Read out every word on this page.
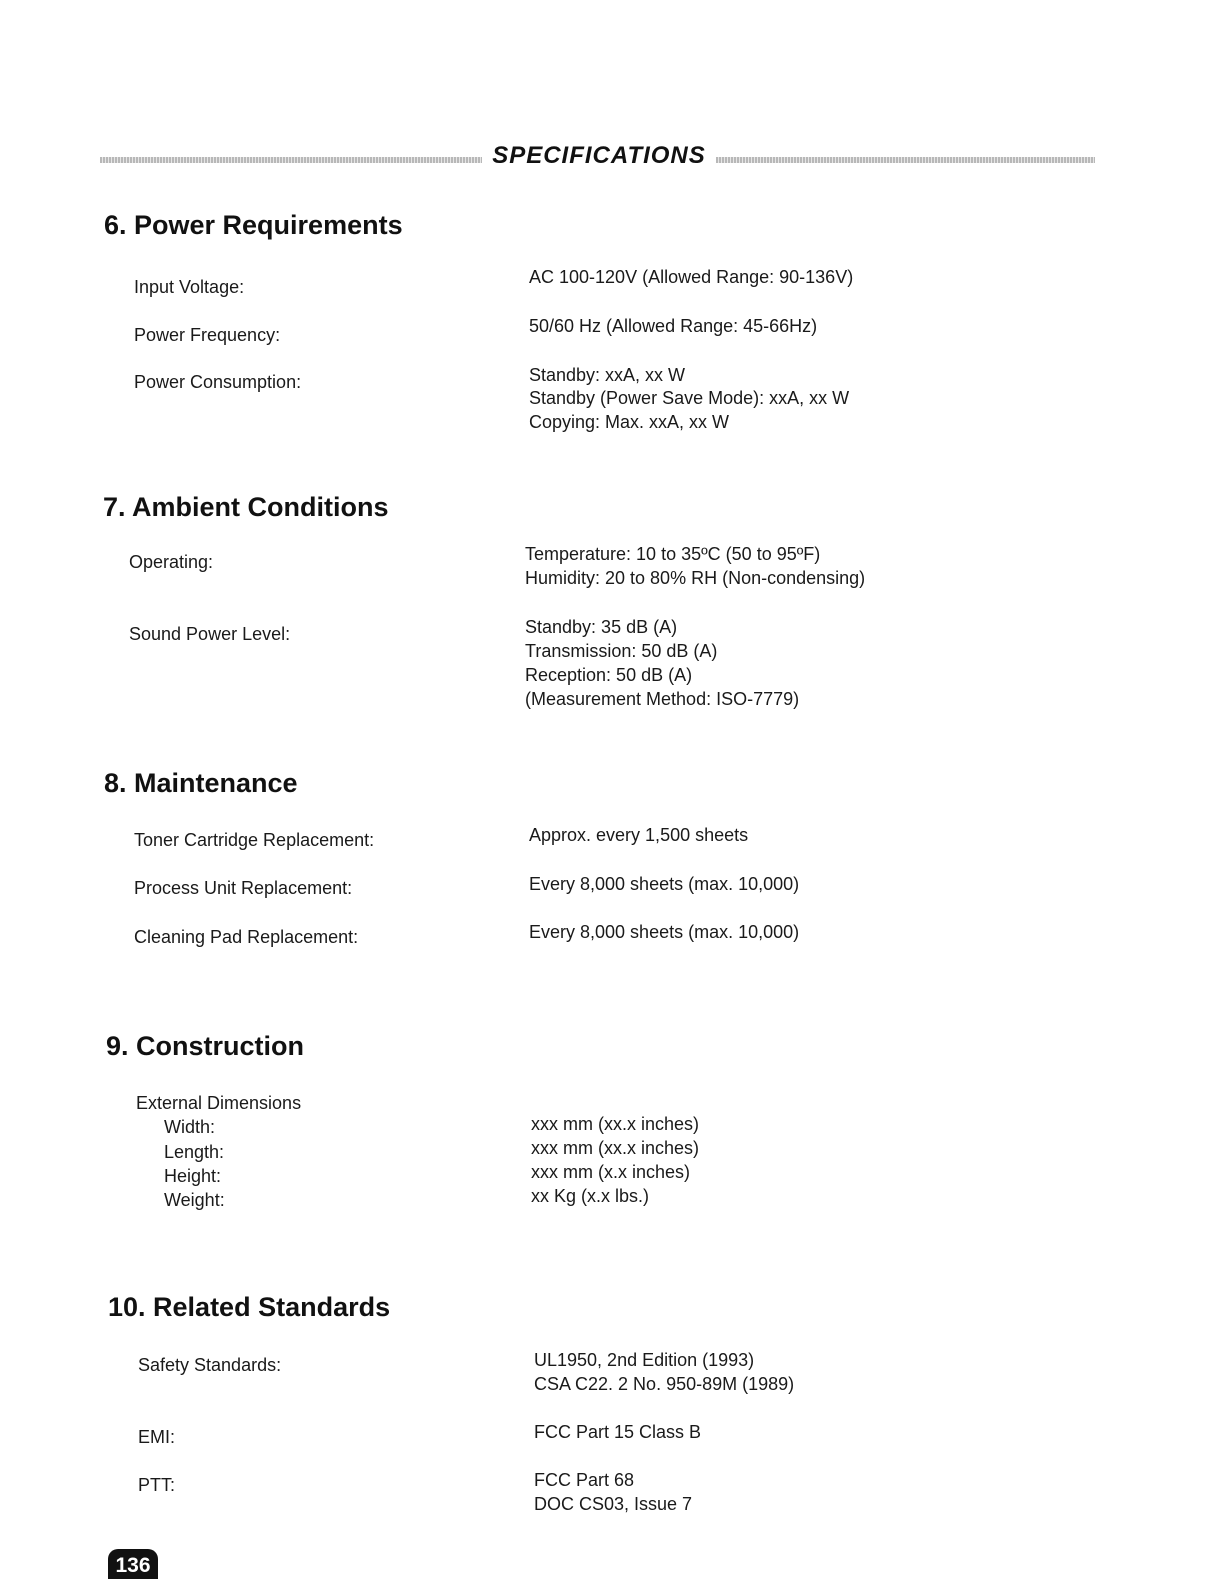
SPECIFICATIONS
6. Power Requirements
Input Voltage:	AC 100-120V (Allowed Range: 90-136V)
Power Frequency:	50/60 Hz (Allowed Range: 45-66Hz)
Power Consumption:	Standby: xxA, xx W
Standby (Power Save Mode): xxA, xx W
Copying: Max. xxA, xx W
7. Ambient Conditions
Operating:	Temperature: 10 to 35ºC (50 to 95ºF)
Humidity: 20 to 80% RH (Non-condensing)
Sound Power Level:	Standby: 35 dB (A)
Transmission: 50 dB (A)
Reception: 50 dB (A)
(Measurement Method: ISO-7779)
8. Maintenance
Toner Cartridge Replacement:	Approx. every 1,500 sheets
Process Unit Replacement:	Every 8,000 sheets (max. 10,000)
Cleaning Pad Replacement:	Every 8,000 sheets (max. 10,000)
9. Construction
External Dimensions
Width:	xxx mm (xx.x inches)
Length:	xxx mm (xx.x inches)
Height:	xxx mm (x.x inches)
Weight:	xx Kg (x.x lbs.)
10. Related Standards
Safety Standards:	UL1950, 2nd Edition (1993)
CSA C22. 2 No. 950-89M (1989)
EMI:	FCC Part 15 Class B
PTT:	FCC Part 68
DOC CS03, Issue 7
136
